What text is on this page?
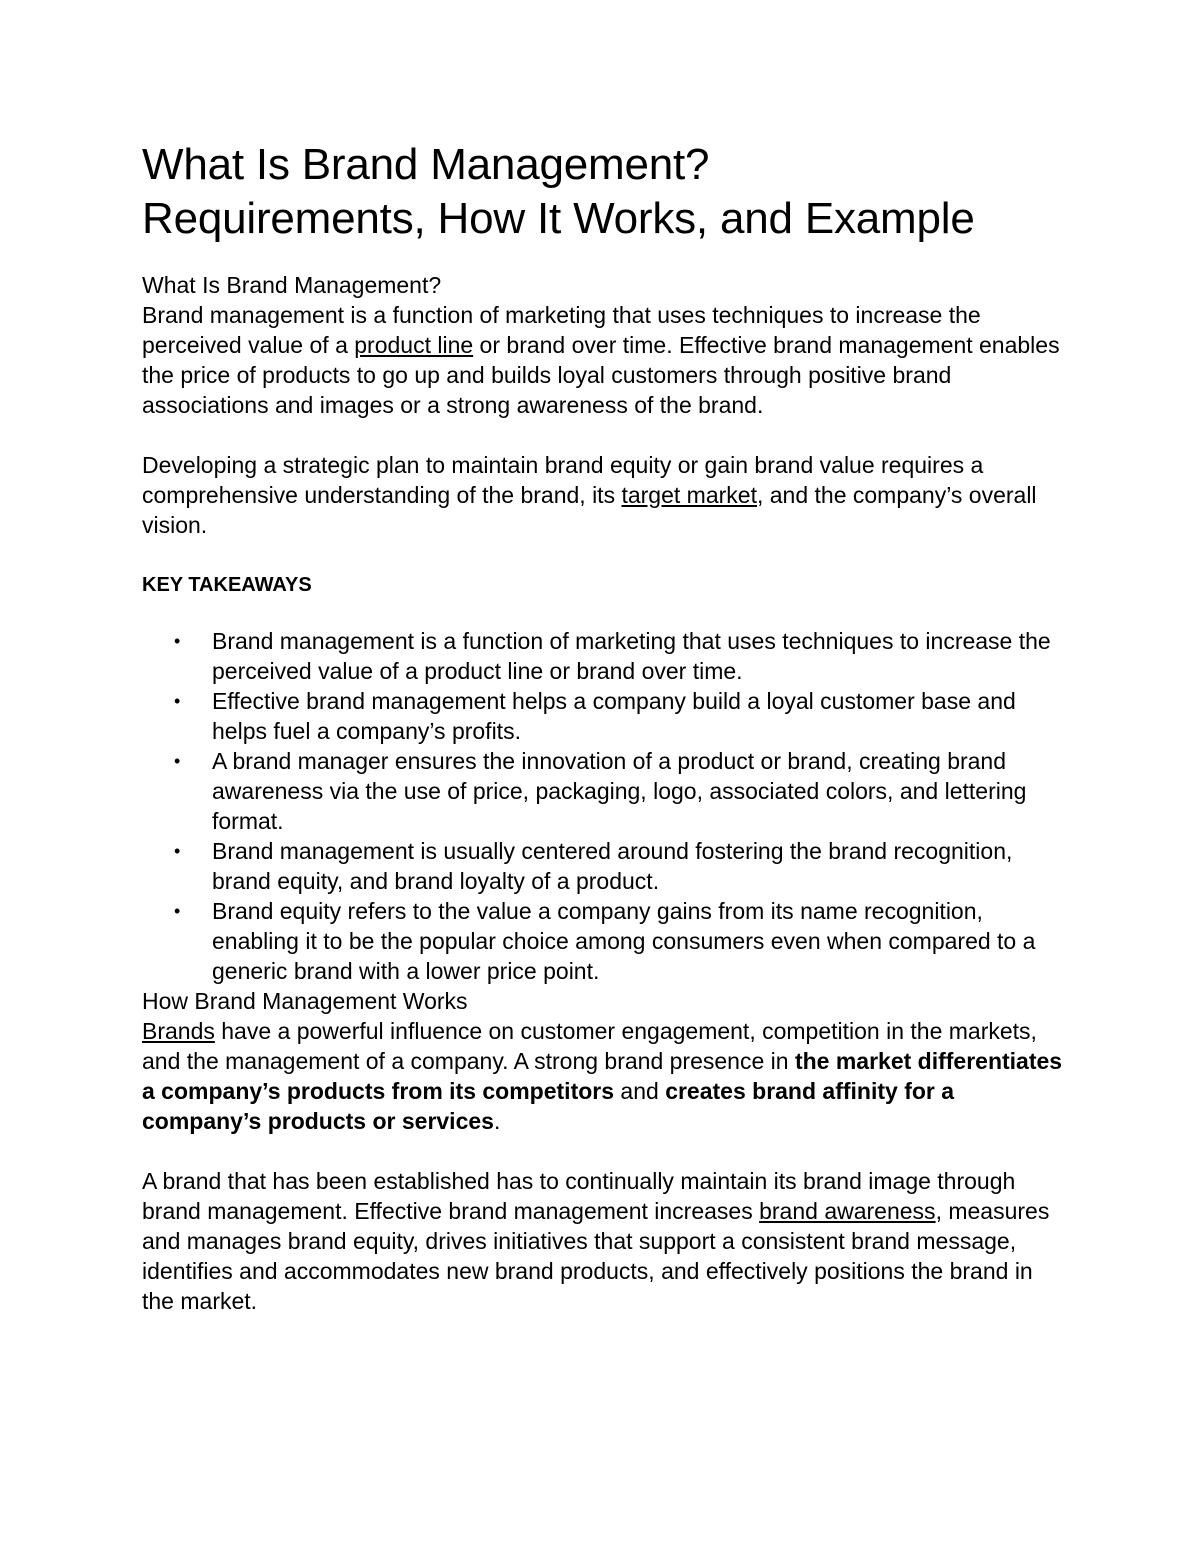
What Is Brand Management?
Requirements, How It Works, and Example

What Is Brand Management?

Brand management is a function of marketing that uses techniques to increase the perceived value of a product line or brand over time. Effective brand management enables the price of products to go up and builds loyal customers through positive brand associations and images or a strong awareness of the brand.

Developing a strategic plan to maintain brand equity or gain brand value requires a comprehensive understanding of the brand, its target market, and the company’s overall vision.

KEY TAKEAWAYS

• Brand management is a function of marketing that uses techniques to increase the perceived value of a product line or brand over time.
• Effective brand management helps a company build a loyal customer base and helps fuel a company’s profits.
• A brand manager ensures the innovation of a product or brand, creating brand awareness via the use of price, packaging, logo, associated colors, and lettering format.
• Brand management is usually centered around fostering the brand recognition, brand equity, and brand loyalty of a product.
• Brand equity refers to the value a company gains from its name recognition, enabling it to be the popular choice among consumers even when compared to a generic brand with a lower price point.

How Brand Management Works

Brands have a powerful influence on customer engagement, competition in the markets, and the management of a company. A strong brand presence in the market differentiates a company’s products from its competitors and creates brand affinity for a company’s products or services.

A brand that has been established has to continually maintain its brand image through brand management. Effective brand management increases brand awareness, measures and manages brand equity, drives initiatives that support a consistent brand message, identifies and accommodates new brand products, and effectively positions the brand in the market.
